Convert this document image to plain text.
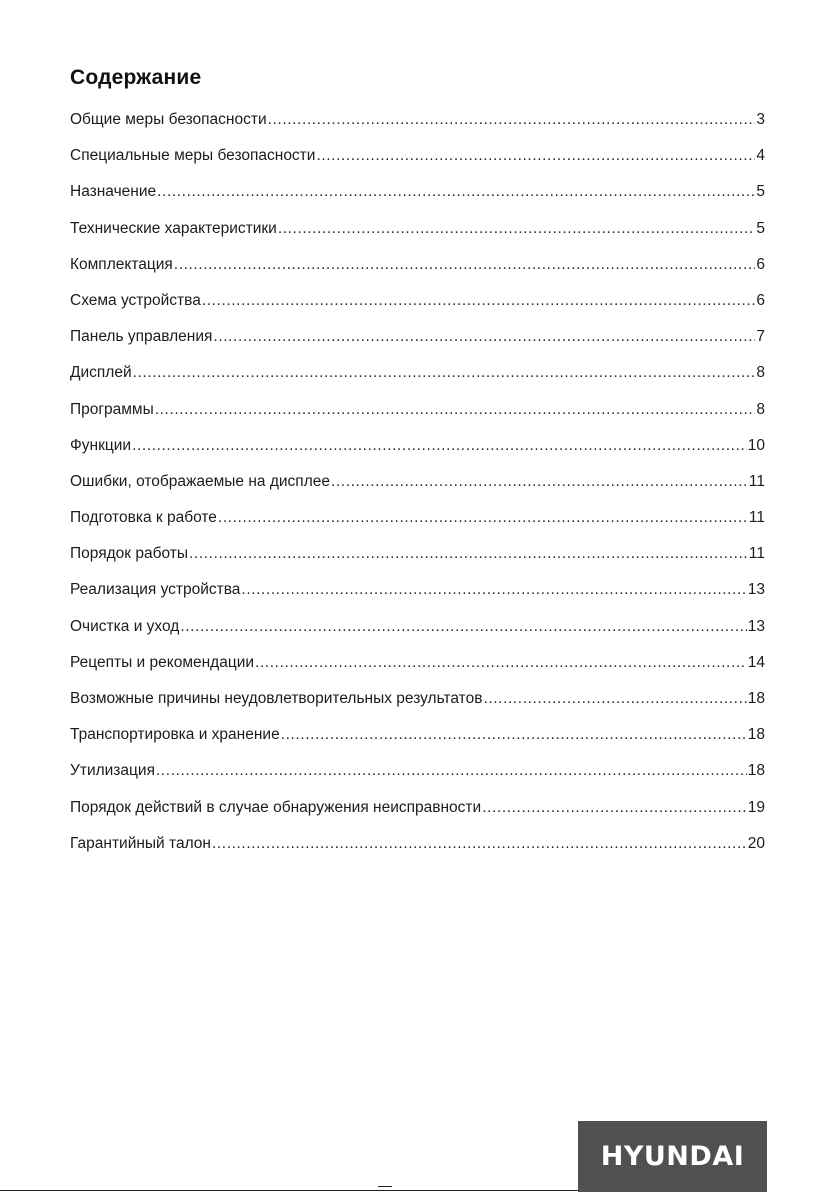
Содержание
Общие меры безопасности .....	3
Специальные меры безопасности .....	4
Назначение .....	5
Технические характеристики .....	5
Комплектация .....	6
Схема устройства .....	6
Панель управления .....	7
Дисплей .....	8
Программы .....	8
Функции .....	10
Ошибки, отображаемые на дисплее .....	11
Подготовка к работе .....	11
Порядок работы .....	11
Реализация устройства .....	13
Очистка и уход .....	13
Рецепты и рекомендации .....	14
Возможные причины неудовлетворительных результатов .....	18
Транспортировка и хранение .....	18
Утилизация .....	18
Порядок действий в случае обнаружения неисправности .....	19
Гарантийный талон .....	20
HYUNDAI
